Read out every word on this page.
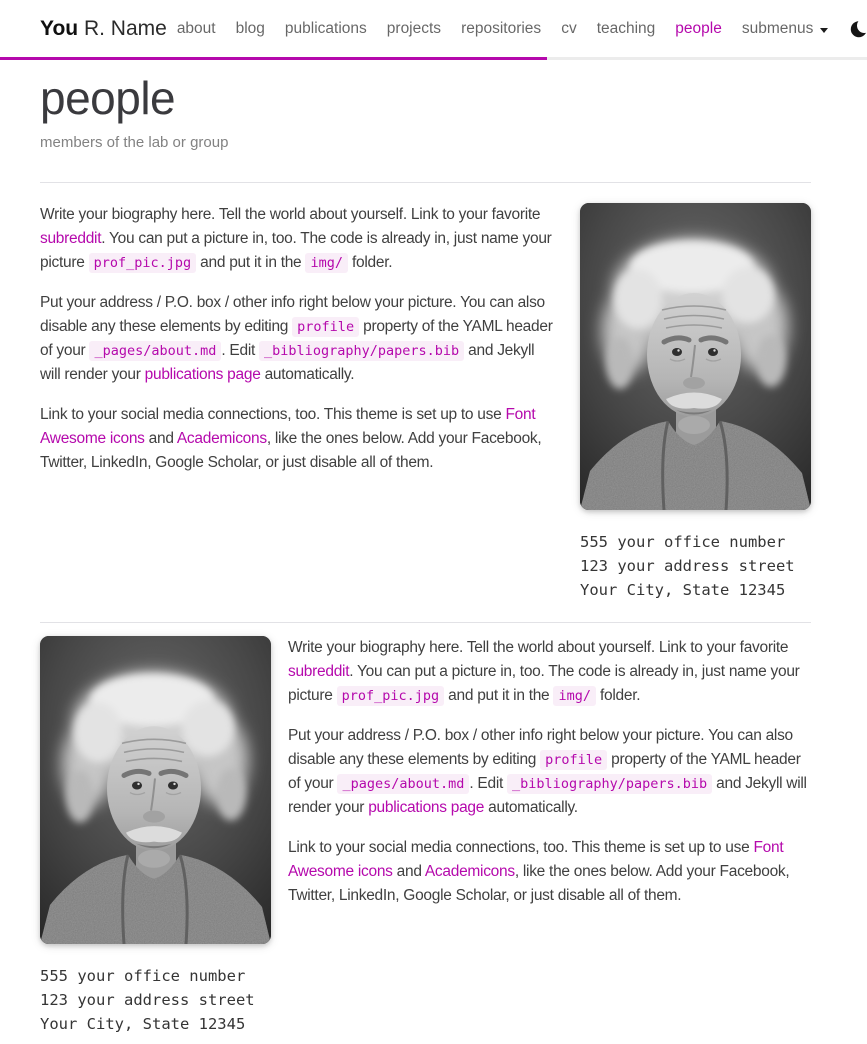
You R. Name about	blog	publications	projects	repositories	cv	teaching	people	submenus
people

members of the lab or group

Write your biography here. Tell the world about yourself. Link to your favorite subreddit. You can put a picture in, too. The code is already in, just name your picture prof_pic.jpg and put it in the img/ folder.

Put your address / P.O. box / other info right below your picture. You can also disable any these elements by editing profile property of the YAML header of your _pages/about.md . Edit _bibliography/papers.bib and Jekyll will render your publications page automatically.

Link to your social media connections, too. This theme is set up to use Font Awesome icons and Academicons, like the ones below. Add your Facebook, Twitter, LinkedIn, Google Scholar, or just disable all of them.

555 your office number
123 your address street
Your City, State 12345
555 your office number
123 your address street
Your City, State 12345

Write your biography here. Tell the world about yourself. Link to your favorite subreddit. You can put a picture in, too. The code is already in, just name your picture prof_pic.jpg and put it in the img/ folder.

Put your address / P.O. box / other info right below your picture. You can also disable any these elements by editing profile property of the YAML header of your _pages/about.md . Edit _bibliography/papers.bib and Jekyll will render your publications page automatically.

Link to your social media connections, too. This theme is set up to use Font Awesome icons and Academicons, like the ones below. Add your Facebook, Twitter, LinkedIn, Google Scholar, or just disable all of them.
